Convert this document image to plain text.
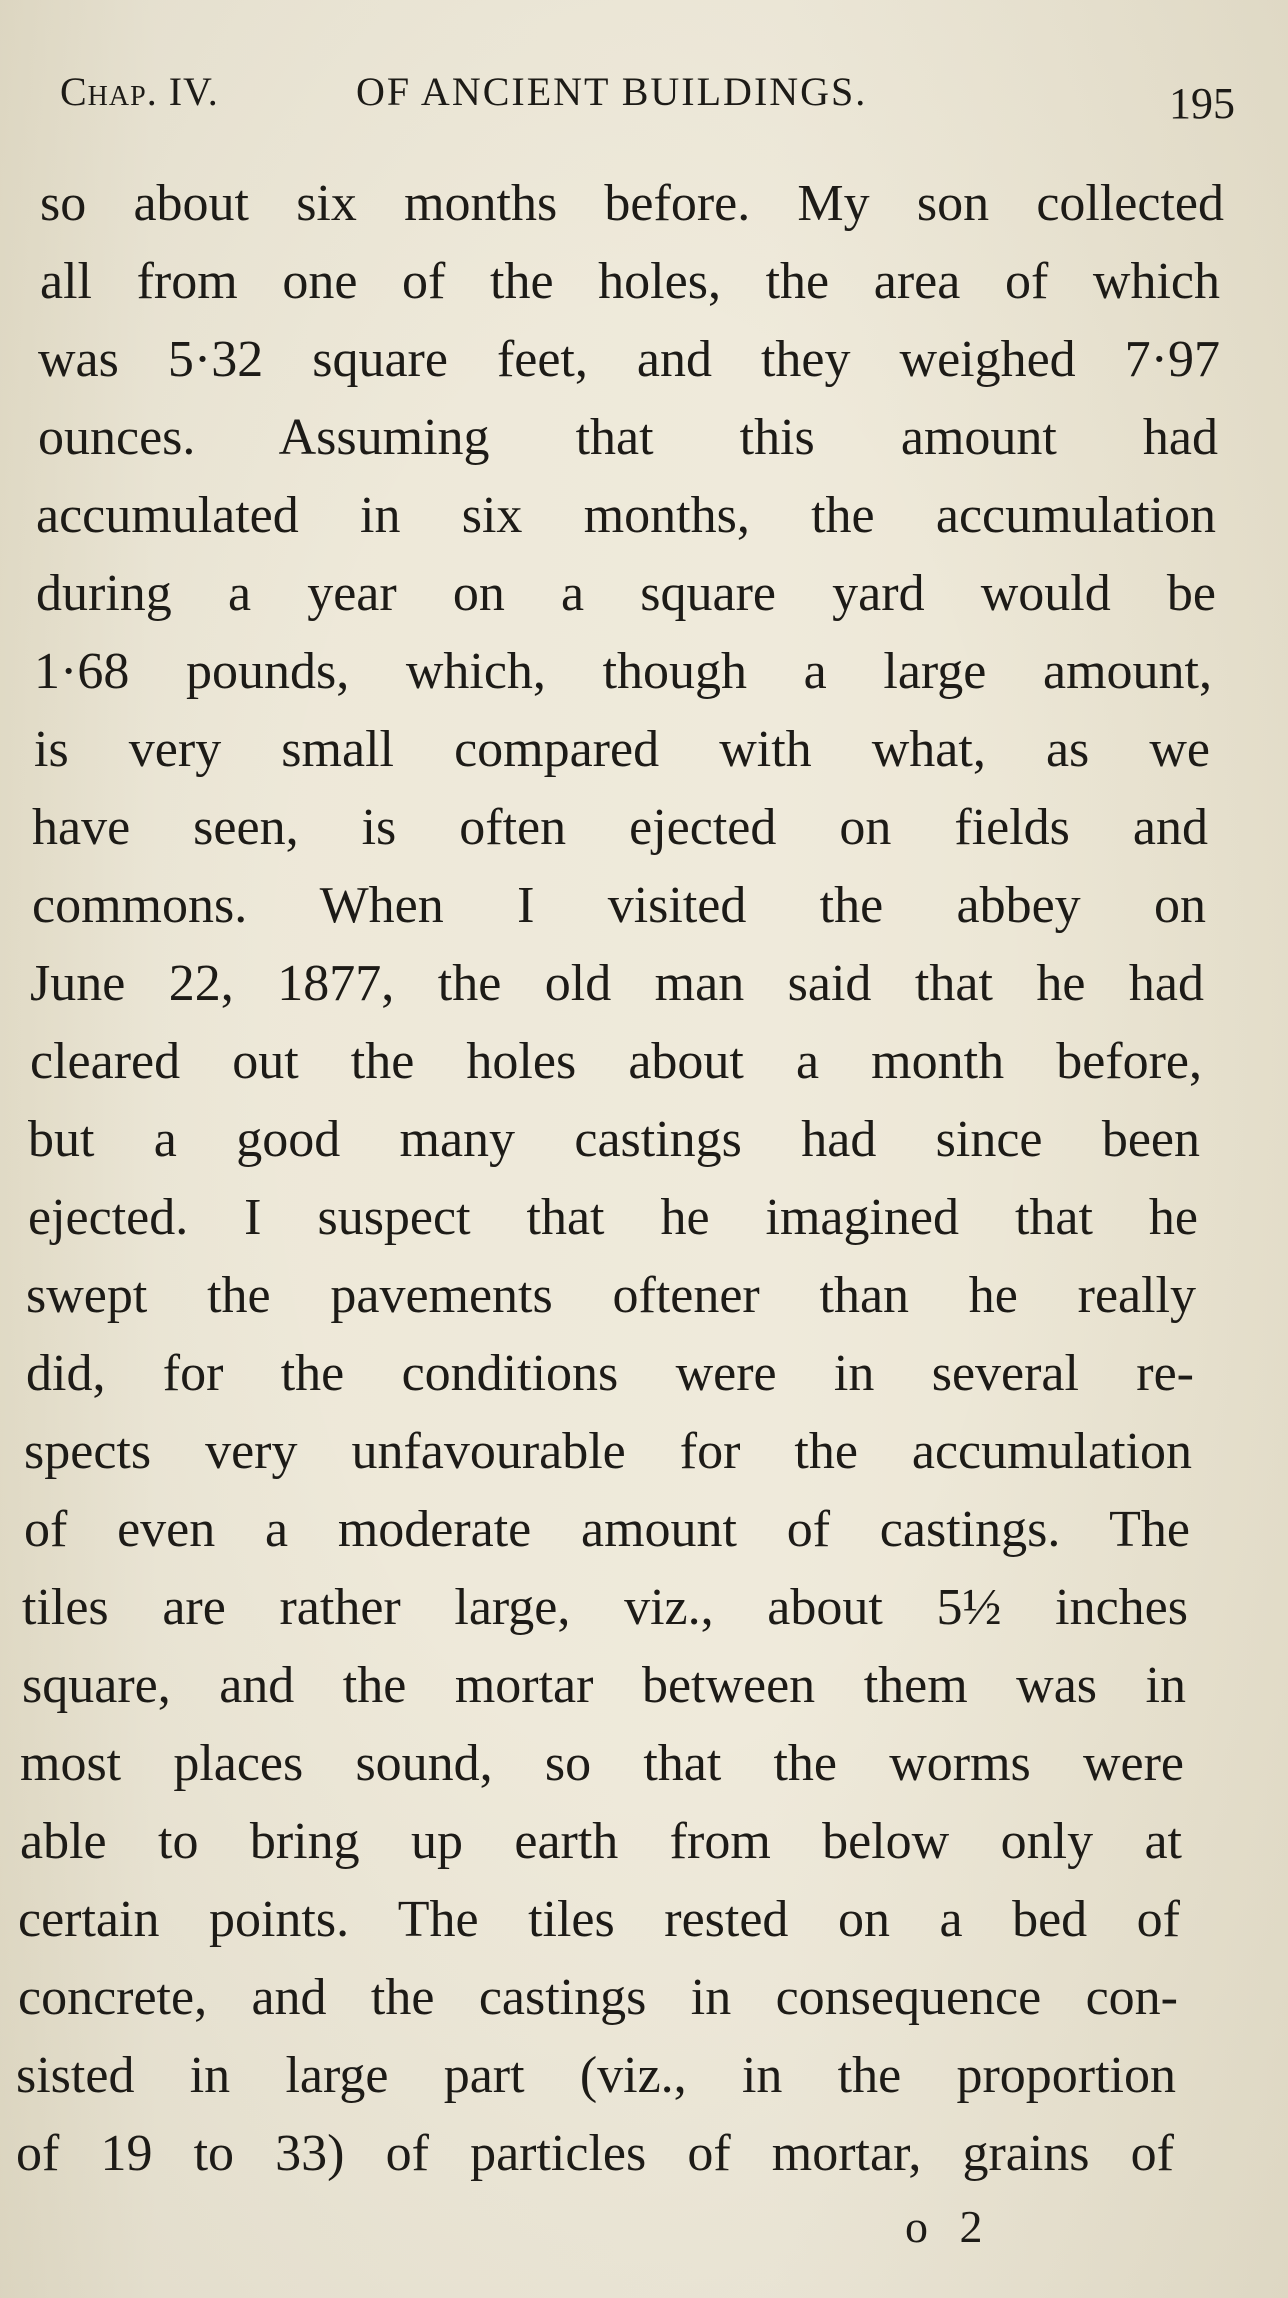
Chap. IV.	OF ANCIENT BUILDINGS.	195
so about six months before. My son collected
all from one of the holes, the area of which
was 5·32 square feet, and they weighed 7·97
ounces. Assuming that this amount had
accumulated in six months, the accumulation
during a year on a square yard would be
1·68 pounds, which, though a large amount,
is very small compared with what, as we
have seen, is often ejected on fields and
commons. When I visited the abbey on
June 22, 1877, the old man said that he had
cleared out the holes about a month before,
but a good many castings had since been
ejected. I suspect that he imagined that he
swept the pavements oftener than he really
did, for the conditions were in several re-
spects very unfavourable for the accumulation
of even a moderate amount of castings. The
tiles are rather large, viz., about 5½ inches
square, and the mortar between them was in
most places sound, so that the worms were
able to bring up earth from below only at
certain points. The tiles rested on a bed of
concrete, and the castings in consequence con-
sisted in large part (viz., in the proportion
of 19 to 33) of particles of mortar, grains of
o 2
